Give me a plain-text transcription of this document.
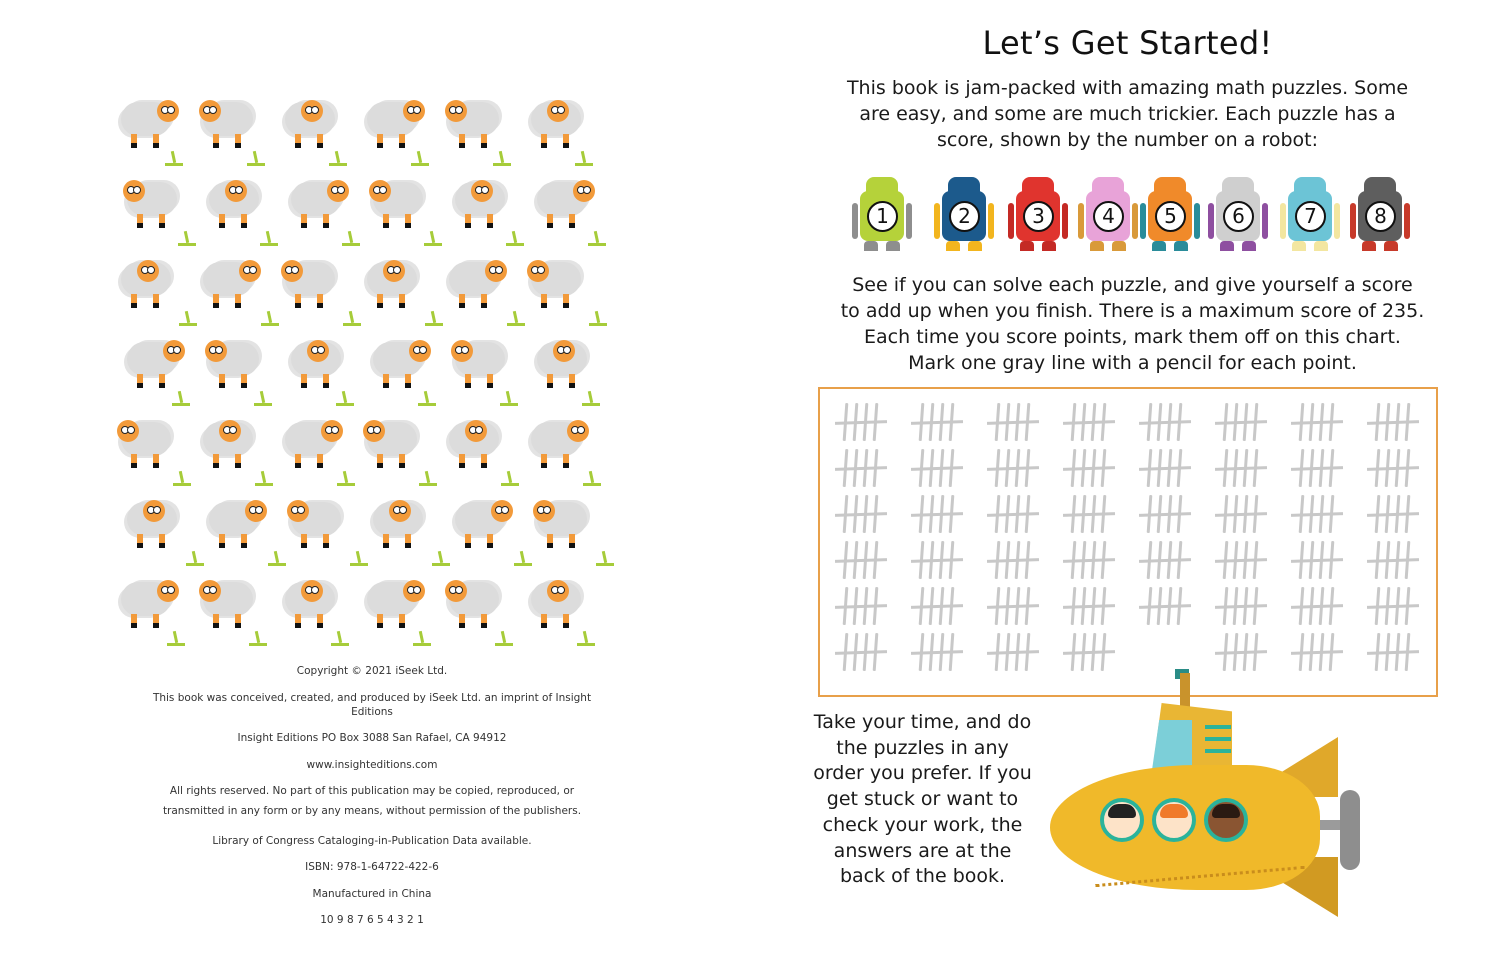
Copyright © 2021 iSeek Ltd.

This book was conceived, created, and produced by iSeek Ltd. an imprint of Insight Editions

Insight Editions PO Box 3088 San Rafael, CA 94912

www.insighteditions.com

All rights reserved. No part of this publication may be copied, reproduced, or transmitted in any form or by any means, without permission of the publishers.

Library of Congress Cataloging-in-Publication Data available.

ISBN: 978-1-64722-422-6

Manufactured in China

10 9 8 7 6 5 4 3 2 1

Let’s Get Started!

This book is jam-packed with amazing math puzzles. Some are easy, and some are much trickier. Each puzzle has a score, shown by the number on a robot:

1	2	3	4	5	6	7	8

See if you can solve each puzzle, and give yourself a score to add up when you finish. There is a maximum score of 235. Each time you score points, mark them off on this chart. Mark one gray line with a pencil for each point.

Take your time, and do the puzzles in any order you prefer. If you get stuck or want to check your work, the answers are at the back of the book.
